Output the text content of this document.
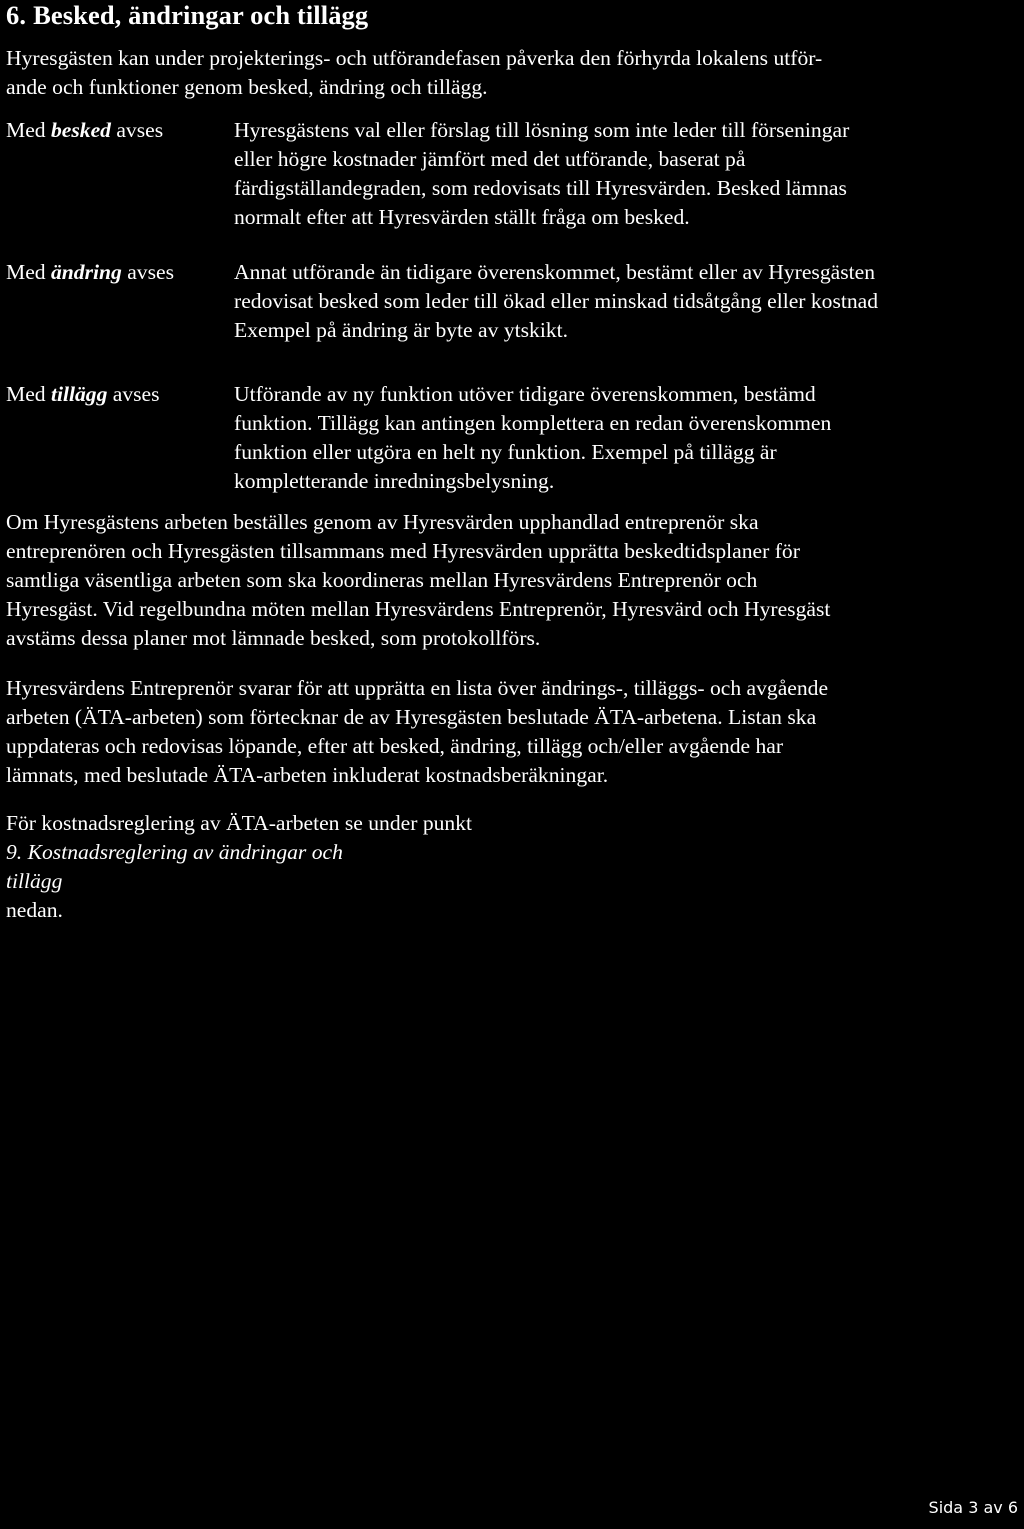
6. Besked, ändringar och tillägg

Hyresgästen kan under projekterings- och utförandefasen påverka den förhyrda lokalens utför-
ande och funktioner genom besked, ändring och tillägg.

Med besked avses	Hyresgästens val eller förslag till lösning som inte leder till förseningar
eller högre kostnader jämfört med det utförande, baserat på
färdigställandegraden, som redovisats till Hyresvärden. Besked lämnas
normalt efter att Hyresvärden ställt fråga om besked.

Med ändring avses	Annat utförande än tidigare överenskommet, bestämt eller av Hyresgästen
redovisat besked som leder till ökad eller minskad tidsåtgång eller kostnad
Exempel på ändring är byte av ytskikt.

Med tillägg avses	Utförande av ny funktion utöver tidigare överenskommen, bestämd
funktion. Tillägg kan antingen komplettera en redan överenskommen
funktion eller utgöra en helt ny funktion. Exempel på tillägg är
kompletterande inredningsbelysning.

Om Hyresgästens arbeten beställes genom av Hyresvärden upphandlad entreprenör ska
entreprenören och Hyresgästen tillsammans med Hyresvärden upprätta beskedtidsplaner för
samtliga väsentliga arbeten som ska koordineras mellan Hyresvärdens Entreprenör och
Hyresgäst. Vid regelbundna möten mellan Hyresvärdens Entreprenör, Hyresvärd och Hyresgäst
avstäms dessa planer mot lämnade besked, som protokollförs.

Hyresvärdens Entreprenör svarar för att upprätta en lista över ändrings-, tilläggs- och avgående
arbeten (ÄTA-arbeten) som förtecknar de av Hyresgästen beslutade ÄTA-arbetena. Listan ska
uppdateras och redovisas löpande, efter att besked, ändring, tillägg och/eller avgående har
lämnats, med beslutade ÄTA-arbeten inkluderat kostnadsberäkningar.

För kostnadsreglering av ÄTA-arbeten se under punkt
9. Kostnadsreglering av ändringar och
tillägg
nedan.

Sida 3 av 6
